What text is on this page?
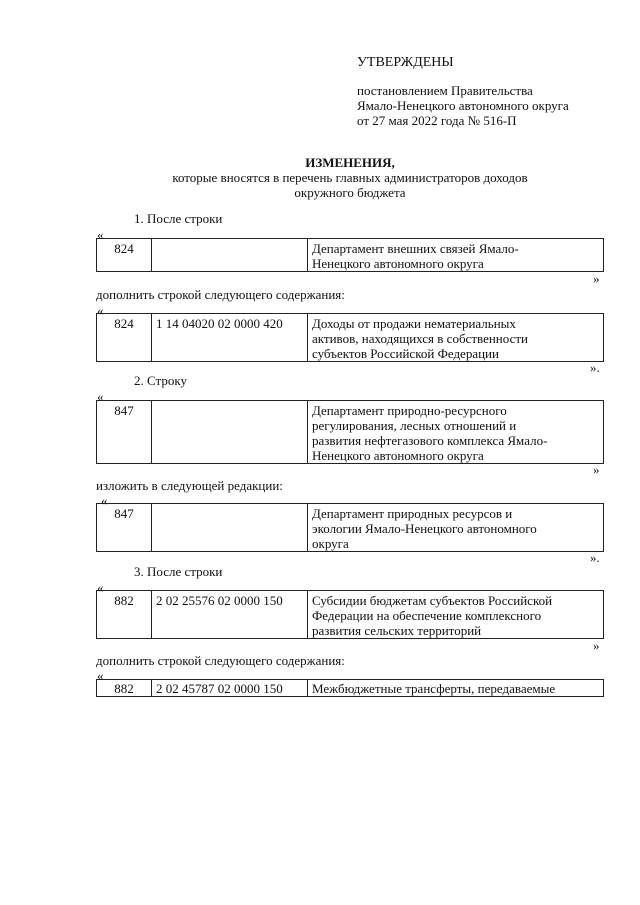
УТВЕРЖДЕНЫ
постановлением Правительства
Ямало-Ненецкого автономного округа
от 27 мая 2022 года № 516-П
ИЗМЕНЕНИЯ,
которые вносятся в перечень главных администраторов доходов
окружного бюджета
1. После строки
«
824		Департамент внешних связей Ямало-
Ненецкого автономного округа
»
дополнить строкой следующего содержания:
«
824	1 14 04020 02 0000 420	Доходы от продажи нематериальных
активов, находящихся в собственности
субъектов Российской Федерации
».
2. Строку
«
847		Департамент природно-ресурсного
регулирования, лесных отношений и
развития нефтегазового комплекса Ямало-
Ненецкого автономного округа
»
изложить в следующей редакции:
«
847		Департамент природных ресурсов и
экологии Ямало-Ненецкого автономного
округа
».
3. После строки
«
882	2 02 25576 02 0000 150	Субсидии бюджетам субъектов Российской
Федерации на обеспечение комплексного
развития сельских территорий
»
дополнить строкой следующего содержания:
«
882	2 02 45787 02 0000 150	Межбюджетные трансферты, передаваемые
